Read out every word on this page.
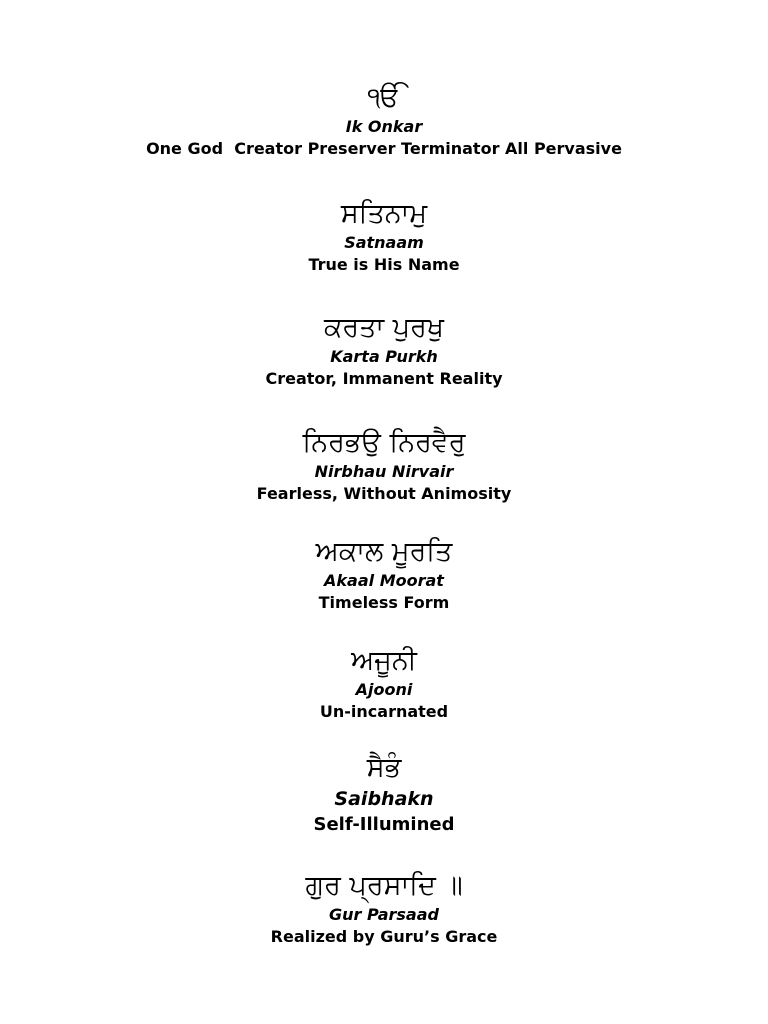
ੴ
Ik Onkar
One God  Creator Preserver Terminator All Pervasive
ਸਤਿਨਾਮੁ
Satnaam
True is His Name
ਕਰਤਾ ਪੁਰਖੁ
Karta Purkh
Creator, Immanent Reality
ਨਿਰਭਉ ਨਿਰਵੈਰੁ
Nirbhau Nirvair
Fearless, Without Animosity
ਅਕਾਲ ਮੂਰਤਿ
Akaal Moorat
Timeless Form
ਅਜੂਨੀ
Ajooni
Un-incarnated
ਸੈਭੰ
Saibhakn
Self-Illumined
ਗੁਰ ਪ੍ਰਸਾਦਿ ॥
Gur Parsaad
Realized by Guru’s Grace
